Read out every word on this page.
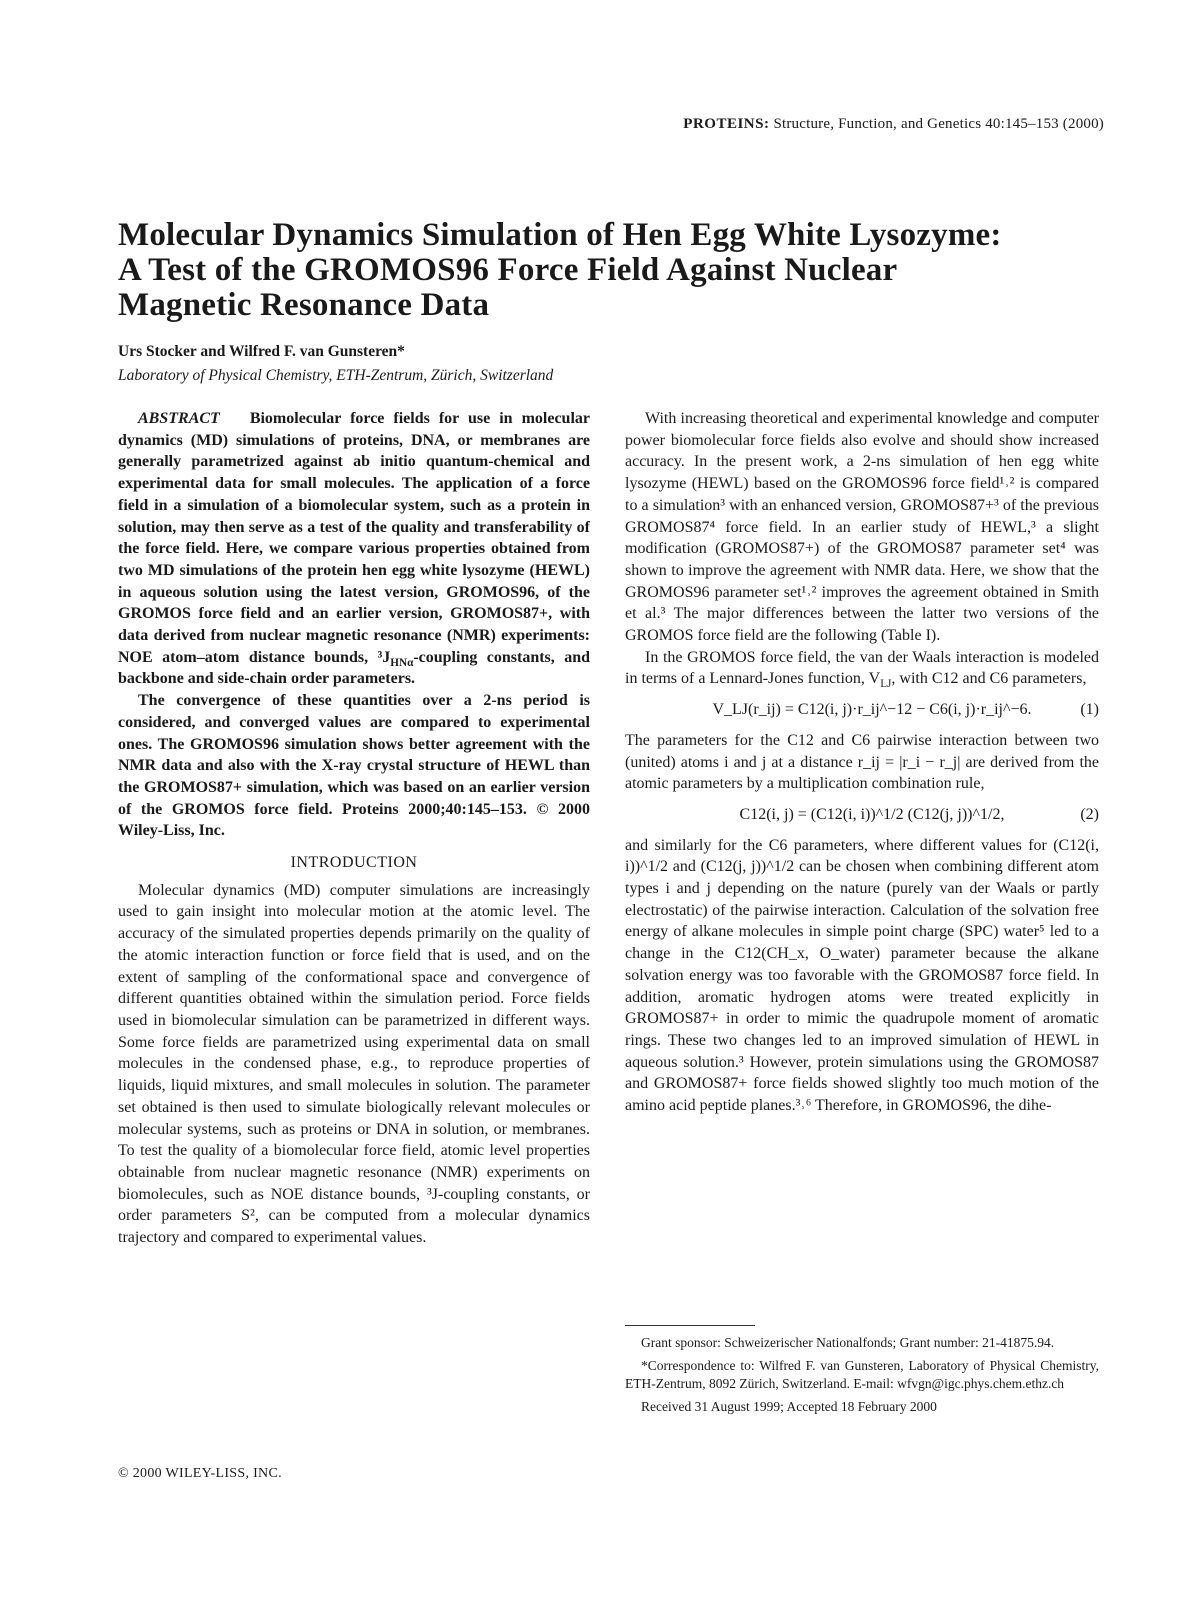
PROTEINS: Structure, Function, and Genetics 40:145–153 (2000)
Molecular Dynamics Simulation of Hen Egg White Lysozyme: A Test of the GROMOS96 Force Field Against Nuclear Magnetic Resonance Data
Urs Stocker and Wilfred F. van Gunsteren*
Laboratory of Physical Chemistry, ETH-Zentrum, Zürich, Switzerland

ABSTRACT Biomolecular force fields for use in molecular dynamics (MD) simulations of proteins, DNA, or membranes are generally parametrized against ab initio quantum-chemical and experimental data for small molecules. The application of a force field in a simulation of a biomolecular system, such as a protein in solution, may then serve as a test of the quality and transferability of the force field. Here, we compare various properties obtained from two MD simulations of the protein hen egg white lysozyme (HEWL) in aqueous solution using the latest version, GROMOS96, of the GROMOS force field and an earlier version, GROMOS87+, with data derived from nuclear magnetic resonance (NMR) experiments: NOE atom–atom distance bounds, $^3J_{HN\alpha}$-coupling constants, and backbone and side-chain order parameters.

The convergence of these quantities over a 2-ns period is considered, and converged values are compared to experimental ones. The GROMOS96 simulation shows better agreement with the NMR data and also with the X-ray crystal structure of HEWL than the GROMOS87+ simulation, which was based on an earlier version of the GROMOS force field. Proteins 2000;40:145–153. © 2000 Wiley-Liss, Inc.

INTRODUCTION

Molecular dynamics (MD) computer simulations are increasingly used to gain insight into molecular motion at the atomic level. The accuracy of the simulated properties depends primarily on the quality of the atomic interaction function or force field that is used, and on the extent of sampling of the conformational space and convergence of different quantities obtained within the simulation period. Force fields used in biomolecular simulation can be parametrized in different ways. Some force fields are parametrized using experimental data on small molecules in the condensed phase, e.g., to reproduce properties of liquids, liquid mixtures, and small molecules in solution. The parameter set obtained is then used to simulate biologically relevant molecules or molecular systems, such as proteins or DNA in solution, or membranes. To test the quality of a biomolecular force field, atomic level properties obtainable from nuclear magnetic resonance (NMR) experiments on biomolecules, such as NOE distance bounds, ³J-coupling constants, or order parameters S², can be computed from a molecular dynamics trajectory and compared to experimental values.

With increasing theoretical and experimental knowledge and computer power biomolecular force fields also evolve and should show increased accuracy. In the present work, a 2-ns simulation of hen egg white lysozyme (HEWL) based on the GROMOS96 force field¹˒² is compared to a simulation³ with an enhanced version, GROMOS87+³ of the previous GROMOS87⁴ force field. In an earlier study of HEWL,³ a slight modification (GROMOS87+) of the GROMOS87 parameter set⁴ was shown to improve the agreement with NMR data. Here, we show that the GROMOS96 parameter set¹˒² improves the agreement obtained in Smith et al.³ The major differences between the latter two versions of the GROMOS force field are the following (Table I).

In the GROMOS force field, the van der Waals interaction is modeled in terms of a Lennard-Jones function, $V_{LJ}$, with C12 and C6 parameters,

V_LJ(r_ij) = C12(i, j)·r_ij^−12 − C6(i, j)·r_ij^−6.	(1)

The parameters for the C12 and C6 pairwise interaction between two (united) atoms i and j at a distance r_ij = |r_i − r_j| are derived from the atomic parameters by a multiplication combination rule,

C12(i, j) = (C12(i, i))^1/2 (C12(j, j))^1/2,	(2)

and similarly for the C6 parameters, where different values for (C12(i, i))^1/2 and (C12(j, j))^1/2 can be chosen when combining different atom types i and j depending on the nature (purely van der Waals or partly electrostatic) of the pairwise interaction. Calculation of the solvation free energy of alkane molecules in simple point charge (SPC) water⁵ led to a change in the C12(CH_x, O_water) parameter because the alkane solvation energy was too favorable with the GROMOS87 force field. In addition, aromatic hydrogen atoms were treated explicitly in GROMOS87+ in order to mimic the quadrupole moment of aromatic rings. These two changes led to an improved simulation of HEWL in aqueous solution.³ However, protein simulations using the GROMOS87 and GROMOS87+ force fields showed slightly too much motion of the amino acid peptide planes.³˒⁶ Therefore, in GROMOS96, the dihe-

Grant sponsor: Schweizerischer Nationalfonds; Grant number: 21-41875.94.

*Correspondence to: Wilfred F. van Gunsteren, Laboratory of Physical Chemistry, ETH-Zentrum, 8092 Zürich, Switzerland. E-mail: wfvgn@igc.phys.chem.ethz.ch

Received 31 August 1999; Accepted 18 February 2000

© 2000 WILEY-LISS, INC.
